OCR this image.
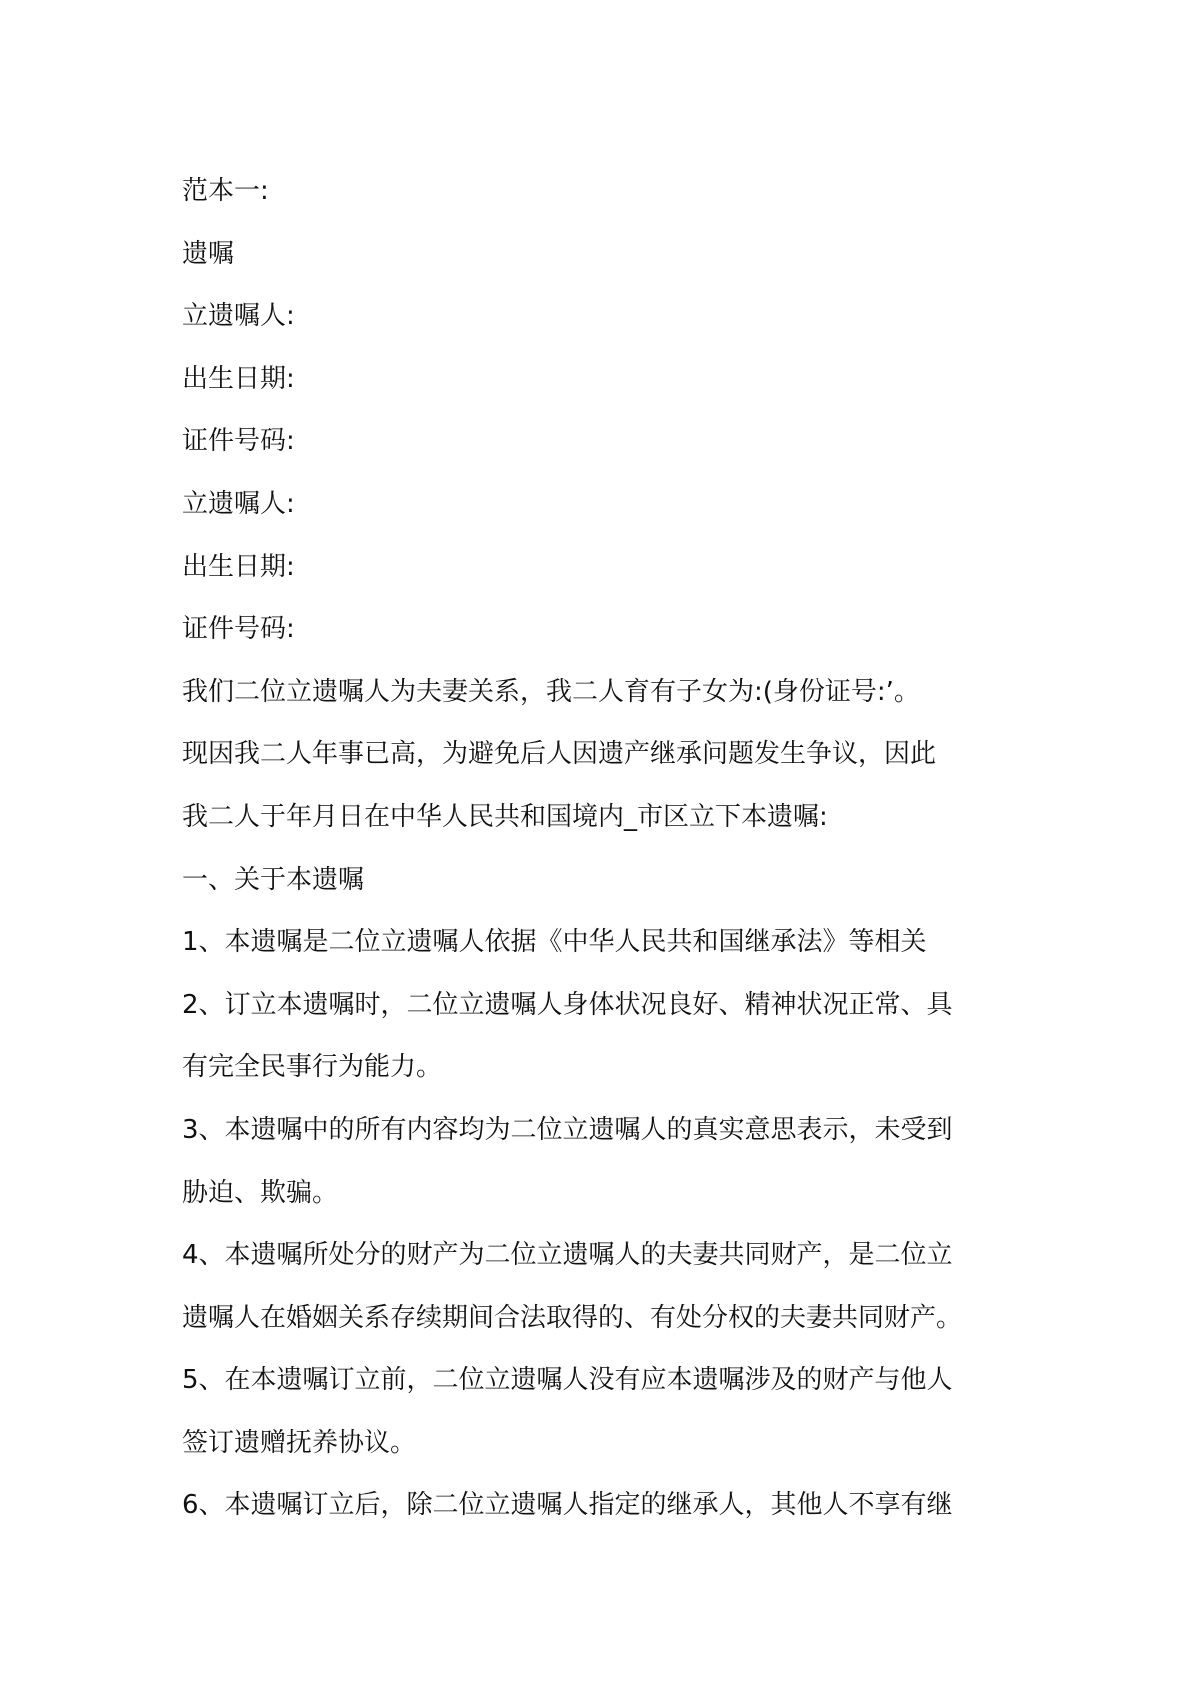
范本一:

遗嘱

立遗嘱人:

出生日期:

证件号码:

立遗嘱人:

出生日期:

证件号码:

我们二位立遗嘱人为夫妻关系，我二人育有子女为:(身份证号:’。

现因我二人年事已高，为避免后人因遗产继承问题发生争议，因此

我二人于年月日在中华人民共和国境内_市区立下本遗嘱:

一、关于本遗嘱

1、本遗嘱是二位立遗嘱人依据《中华人民共和国继承法》等相关

2、订立本遗嘱时，二位立遗嘱人身体状况良好、精神状况正常、具

有完全民事行为能力。

3、本遗嘱中的所有内容均为二位立遗嘱人的真实意思表示，未受到

胁迫、欺骗。

4、本遗嘱所处分的财产为二位立遗嘱人的夫妻共同财产，是二位立

遗嘱人在婚姻关系存续期间合法取得的、有处分权的夫妻共同财产。

5、在本遗嘱订立前，二位立遗嘱人没有应本遗嘱涉及的财产与他人

签订遗赠抚养协议。

6、本遗嘱订立后，除二位立遗嘱人指定的继承人，其他人不享有继
